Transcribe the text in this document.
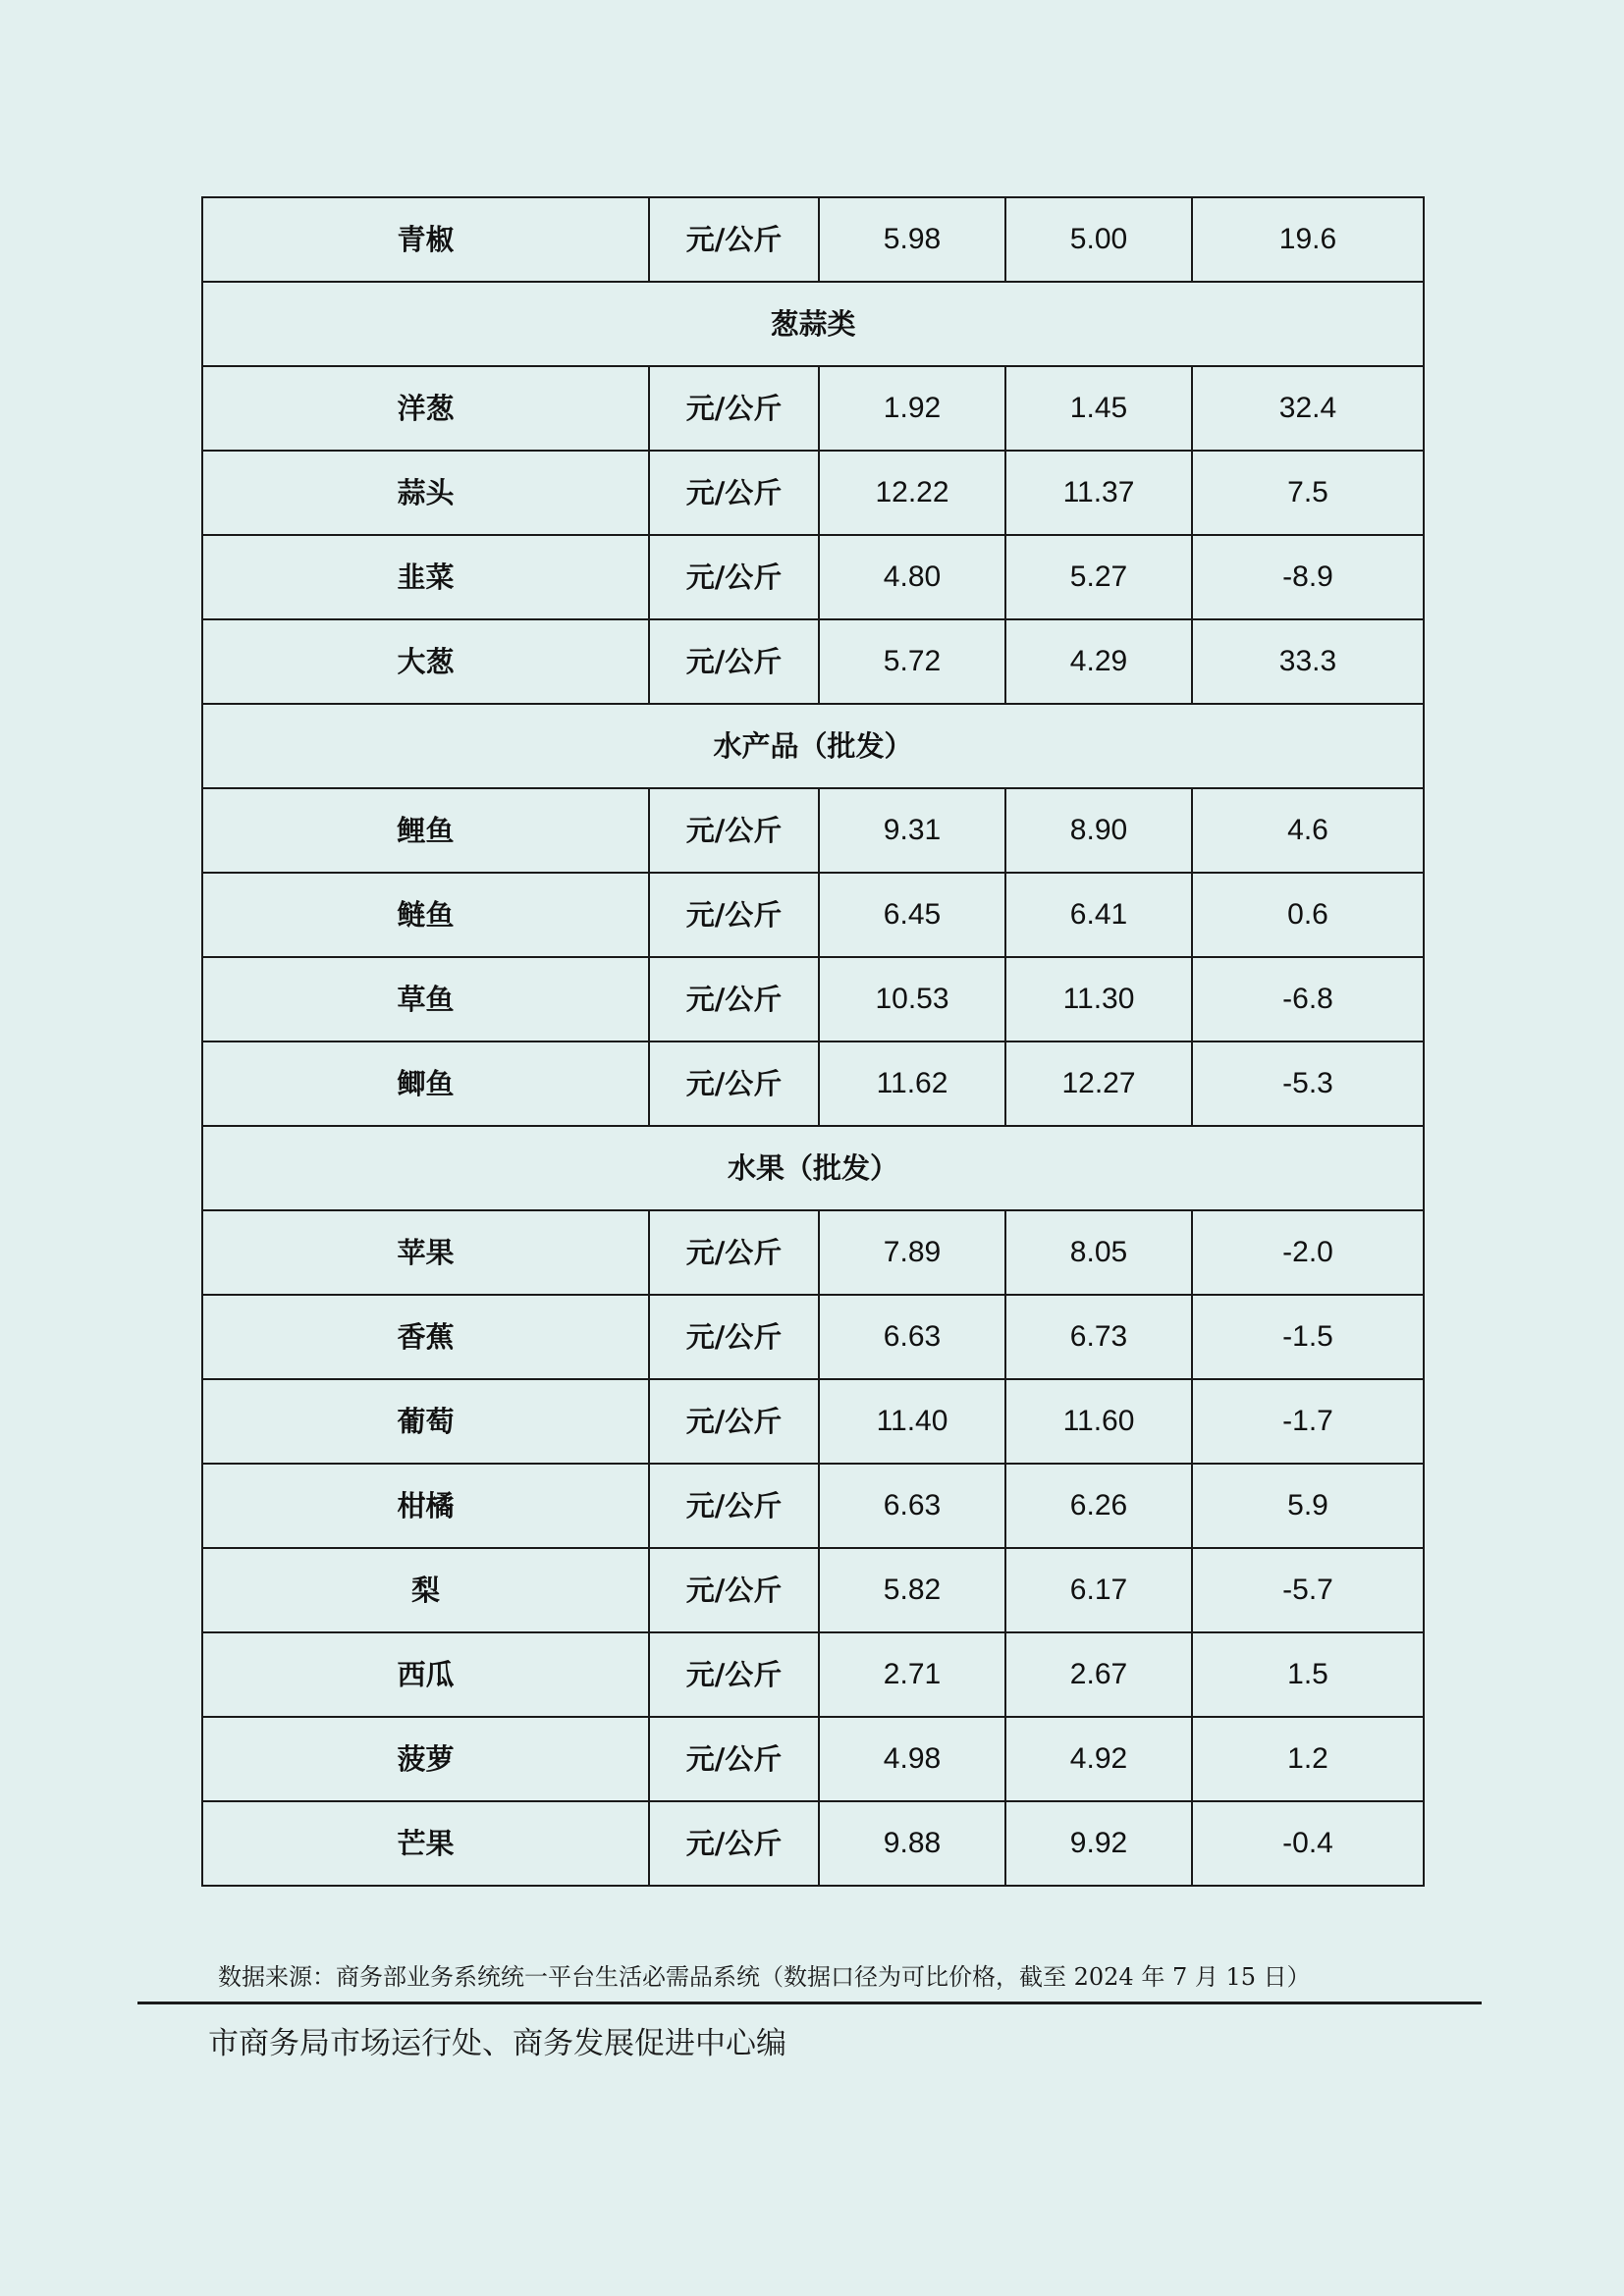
青椒	元/公斤	5.98	5.00	19.6
葱蒜类				
洋葱	元/公斤	1.92	1.45	32.4
蒜头	元/公斤	12.22	11.37	7.5
韭菜	元/公斤	4.80	5.27	-8.9
大葱	元/公斤	5.72	4.29	33.3
水产品（批发）				
鲤鱼	元/公斤	9.31	8.90	4.6
鲢鱼	元/公斤	6.45	6.41	0.6
草鱼	元/公斤	10.53	11.30	-6.8
鲫鱼	元/公斤	11.62	12.27	-5.3
水果（批发）				
苹果	元/公斤	7.89	8.05	-2.0
香蕉	元/公斤	6.63	6.73	-1.5
葡萄	元/公斤	11.40	11.60	-1.7
柑橘	元/公斤	6.63	6.26	5.9
梨	元/公斤	5.82	6.17	-5.7
西瓜	元/公斤	2.71	2.67	1.5
菠萝	元/公斤	4.98	4.92	1.2
芒果	元/公斤	9.88	9.92	-0.4
数据来源：商务部业务系统统一平台生活必需品系统（数据口径为可比价格，截至 2024 年 7 月 15 日）
市商务局市场运行处、商务发展促进中心编
